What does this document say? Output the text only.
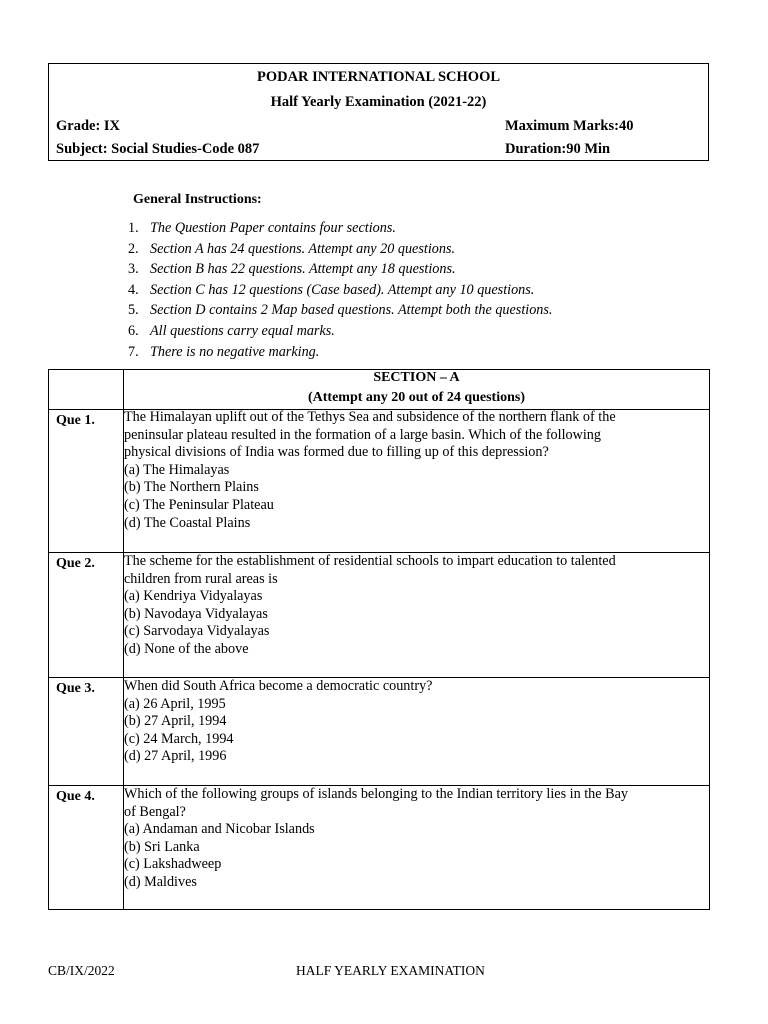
PODAR INTERNATIONAL SCHOOL
Half Yearly Examination (2021-22)
Grade: IX	Maximum Marks:40
Subject: Social Studies-Code 087	Duration:90 Min
General Instructions:
1. The Question Paper contains four sections.
2. Section A has 24 questions. Attempt any 20 questions.
3. Section B has 22 questions. Attempt any 18 questions.
4. Section C has 12 questions (Case based). Attempt any 10 questions.
5. Section D contains 2 Map based questions. Attempt both the questions.
6. All questions carry equal marks.
7. There is no negative marking.
SECTION – A
(Attempt any 20 out of 24 questions)
Que 1. The Himalayan uplift out of the Tethys Sea and subsidence of the northern flank of the
peninsular plateau resulted in the formation of a large basin. Which of the following
physical divisions of India was formed due to filling up of this depression?
(a) The Himalayas
(b) The Northern Plains
(c) The Peninsular Plateau
(d) The Coastal Plains
Que 2. The scheme for the establishment of residential schools to impart education to talented
children from rural areas is
(a) Kendriya Vidyalayas
(b) Navodaya Vidyalayas
(c) Sarvodaya Vidyalayas
(d) None of the above
Que 3. When did South Africa become a democratic country?
(a) 26 April, 1995
(b) 27 April, 1994
(c) 24 March, 1994
(d) 27 April, 1996
Que 4. Which of the following groups of islands belonging to the Indian territory lies in the Bay
of Bengal?
(a) Andaman and Nicobar Islands
(b) Sri Lanka
(c) Lakshadweep
(d) Maldives
CB/IX/2022	HALF YEARLY EXAMINATION
